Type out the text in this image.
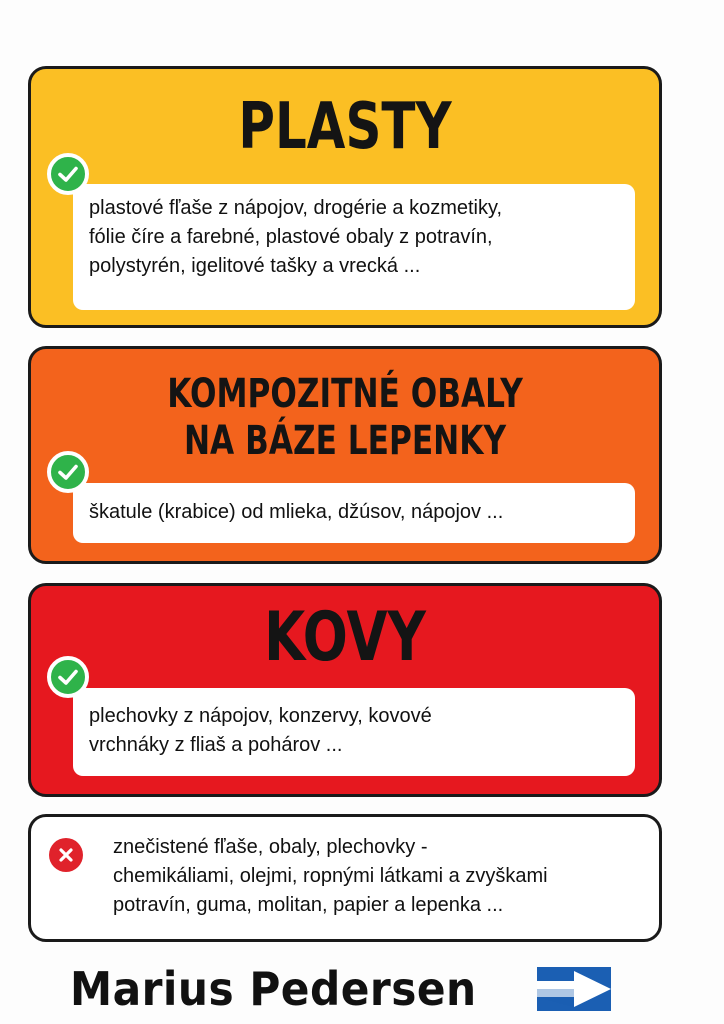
PLASTY
plastové fľaše z nápojov, drogérie a kozmetiky,
fólie číre a farebné, plastové obaly z potravín,
polystyrén, igelitové tašky a vrecká ...
KOMPOZITNÉ OBALY
NA BÁZE LEPENKY
škatule (krabice) od mlieka, džúsov, nápojov ...
KOVY
plechovky z nápojov, konzervy, kovové
vrchnáky z fliaš a pohárov ...
znečistené fľaše, obaly, plechovky -
chemikáliami, olejmi, ropnými látkami a zvyškami
potravín, guma, molitan, papier a lepenka ...
Marius Pedersen
